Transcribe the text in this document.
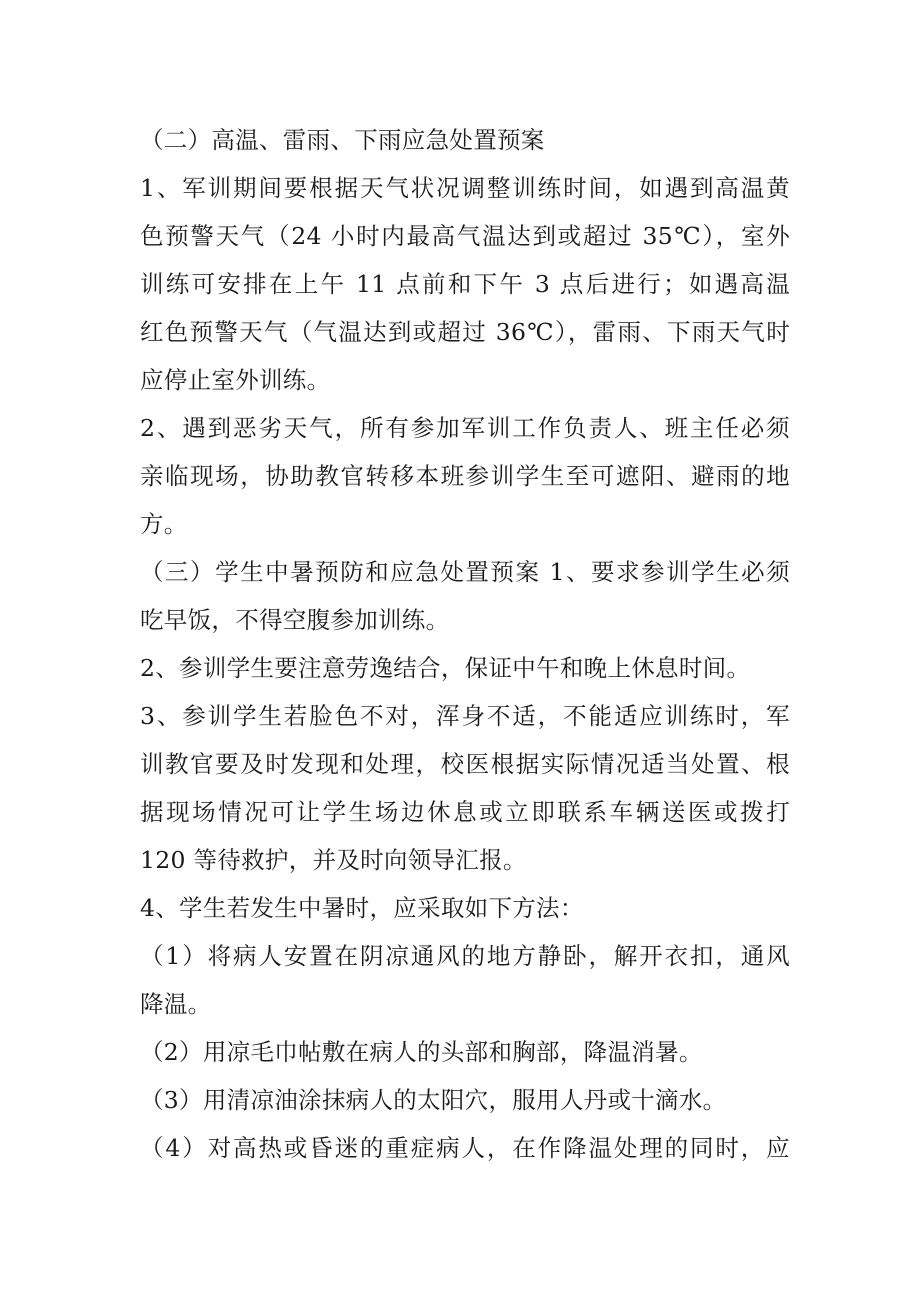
（二）高温、雷雨、下雨应急处置预案
1、军训期间要根据天气状况调整训练时间，如遇到高温黄
色预警天气（24 小时内最高气温达到或超过 35℃），室外
训练可安排在上午 11 点前和下午 3 点后进行；如遇高温
红色预警天气（气温达到或超过 36℃），雷雨、下雨天气时
应停止室外训练。
2、遇到恶劣天气，所有参加军训工作负责人、班主任必须
亲临现场，协助教官转移本班参训学生至可遮阳、避雨的地
方。
（三）学生中暑预防和应急处置预案 1、要求参训学生必须
吃早饭，不得空腹参加训练。
2、参训学生要注意劳逸结合，保证中午和晚上休息时间。
3、参训学生若脸色不对，浑身不适，不能适应训练时，军
训教官要及时发现和处理，校医根据实际情况适当处置、根
据现场情况可让学生场边休息或立即联系车辆送医或拨打
120 等待救护，并及时向领导汇报。
4、学生若发生中暑时，应采取如下方法：
（1）将病人安置在阴凉通风的地方静卧，解开衣扣，通风
降温。
（2）用凉毛巾帖敷在病人的头部和胸部，降温消暑。
（3）用清凉油涂抹病人的太阳穴，服用人丹或十滴水。
（4）对高热或昏迷的重症病人，在作降温处理的同时，应
